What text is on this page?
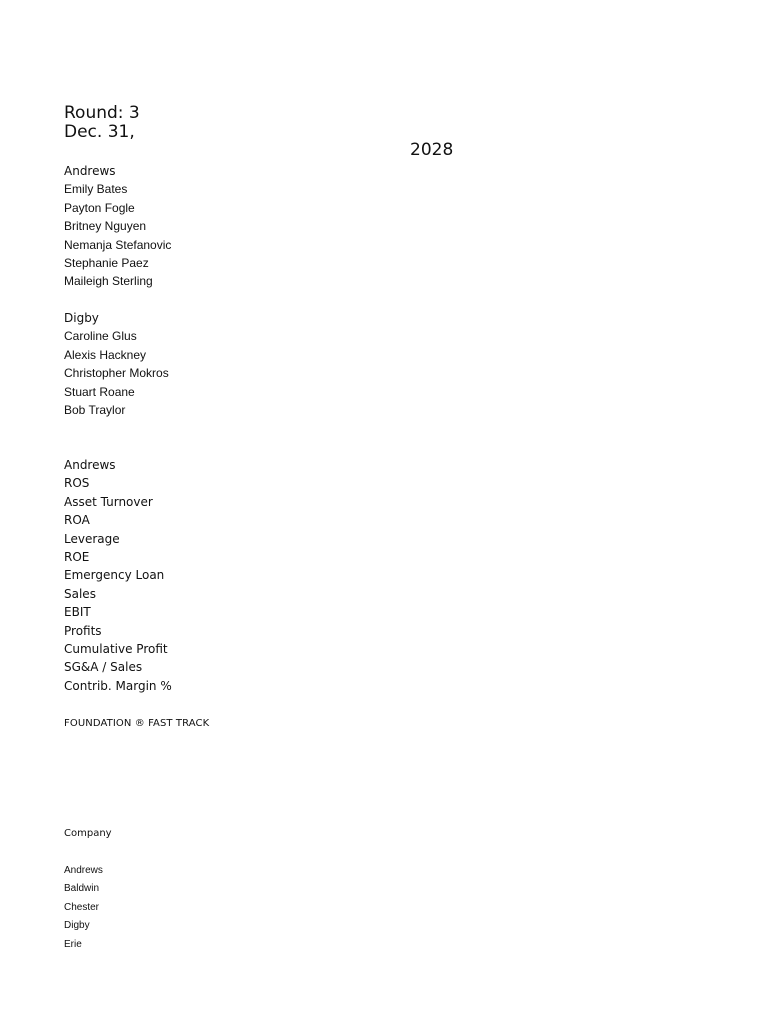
Round: 3
Dec. 31,
2028
Andrews
Emily Bates
Payton Fogle
Britney Nguyen
Nemanja Stefanovic
Stephanie Paez
Maileigh Sterling
Digby
Caroline Glus
Alexis Hackney
Christopher Mokros
Stuart Roane
Bob Traylor
Andrews
ROS
Asset Turnover
ROA
Leverage
ROE
Emergency Loan
Sales
EBIT
Profits
Cumulative Profit
SG&A / Sales
Contrib. Margin %
FOUNDATION ® FAST TRACK
Company
Andrews
Baldwin
Chester
Digby
Erie
